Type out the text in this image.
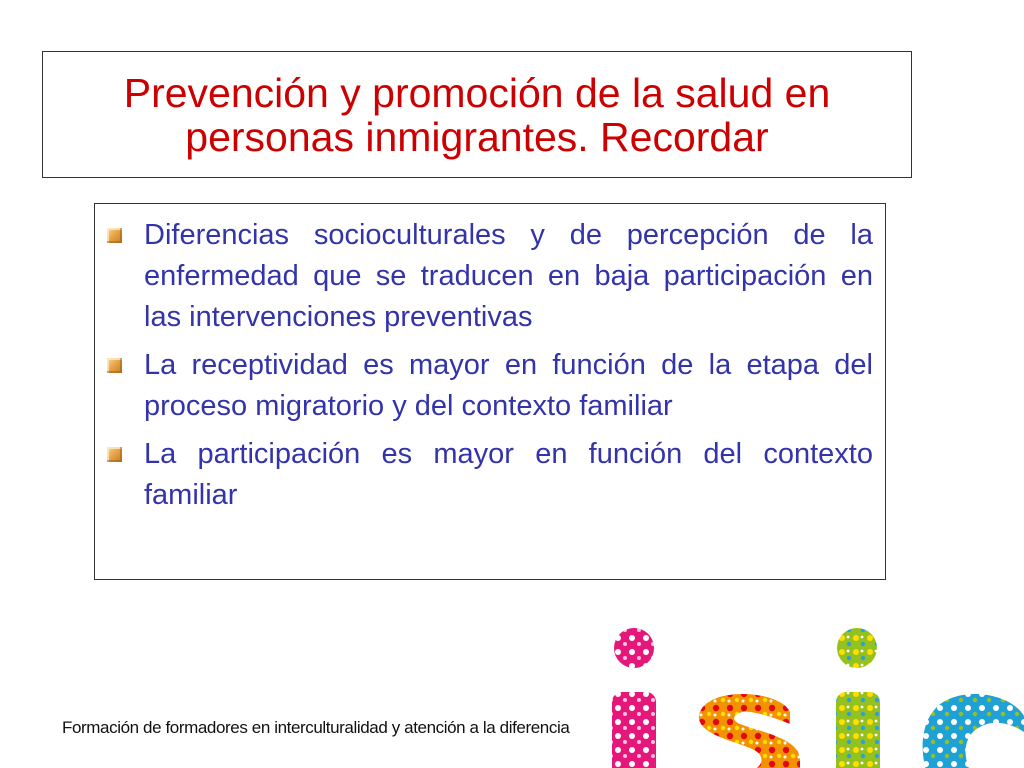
Prevención y promoción de la salud en
personas inmigrantes. Recordar
Diferencias socioculturales y de percepción de la enfermedad que se traducen en baja participación en las intervenciones preventivas
La receptividad es mayor en función de la etapa del proceso migratorio y del contexto familiar
La participación es mayor en función del contexto familiar
Formación de formadores en interculturalidad y atención a la diferencia
